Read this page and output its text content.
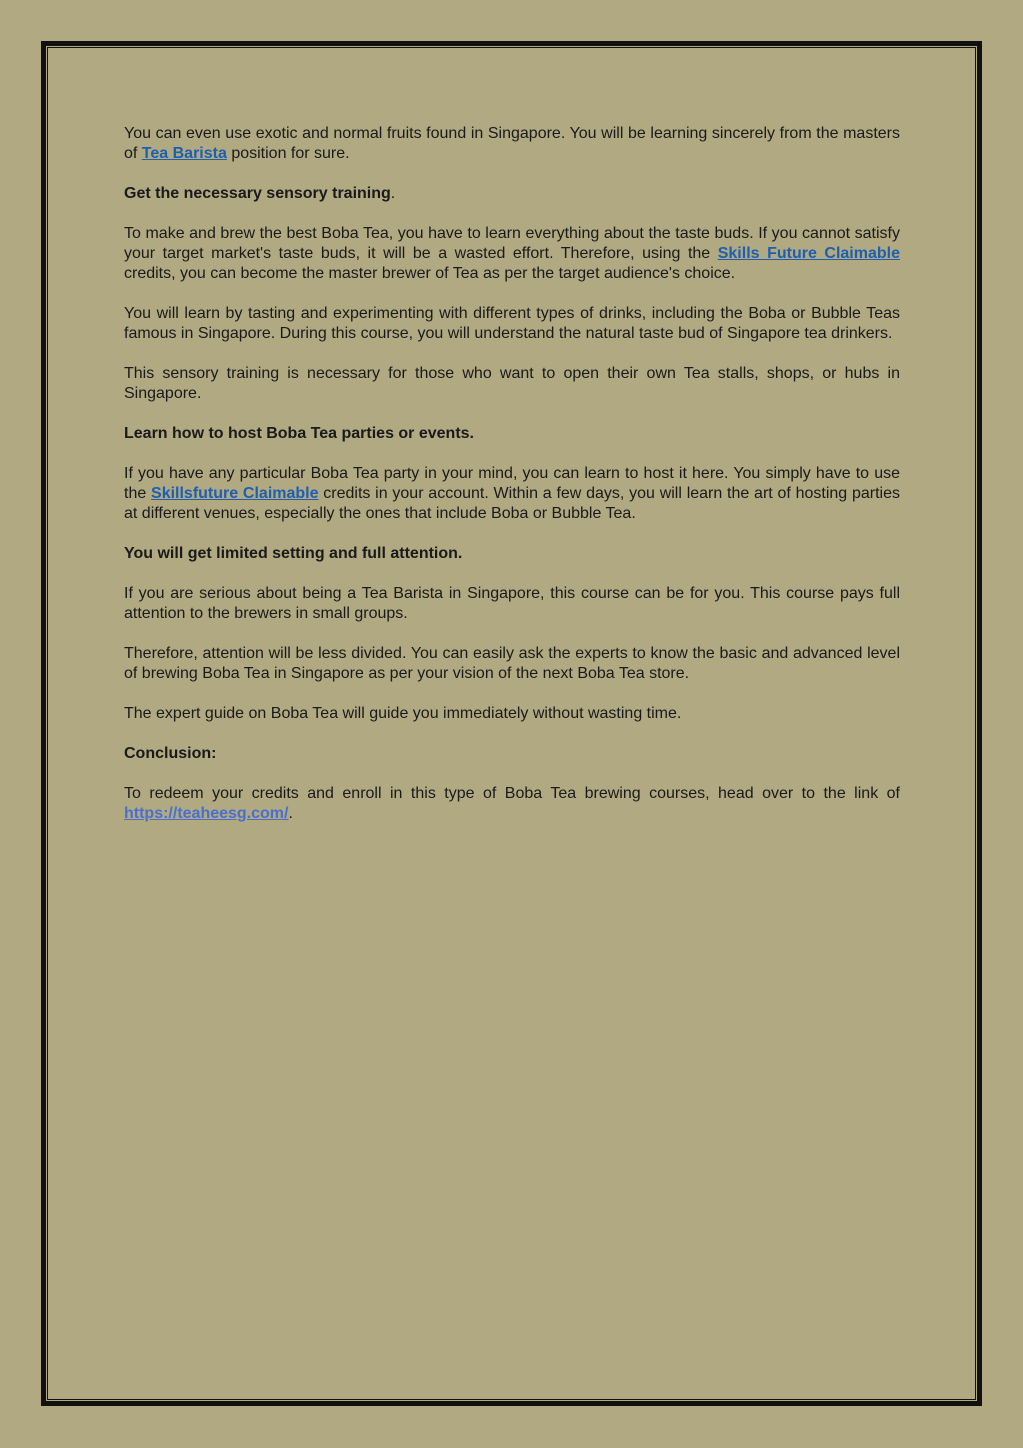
You can even use exotic and normal fruits found in Singapore. You will be learning sincerely from the masters of Tea Barista position for sure.

Get the necessary sensory training.

To make and brew the best Boba Tea, you have to learn everything about the taste buds. If you cannot satisfy your target market's taste buds, it will be a wasted effort. Therefore, using the Skills Future Claimable credits, you can become the master brewer of Tea as per the target audience's choice.

You will learn by tasting and experimenting with different types of drinks, including the Boba or Bubble Teas famous in Singapore. During this course, you will understand the natural taste bud of Singapore tea drinkers.

This sensory training is necessary for those who want to open their own Tea stalls, shops, or hubs in Singapore.

Learn how to host Boba Tea parties or events.

If you have any particular Boba Tea party in your mind, you can learn to host it here. You simply have to use the Skillsfuture Claimable credits in your account. Within a few days, you will learn the art of hosting parties at different venues, especially the ones that include Boba or Bubble Tea.

You will get limited setting and full attention.

If you are serious about being a Tea Barista in Singapore, this course can be for you. This course pays full attention to the brewers in small groups.

Therefore, attention will be less divided. You can easily ask the experts to know the basic and advanced level of brewing Boba Tea in Singapore as per your vision of the next Boba Tea store.

The expert guide on Boba Tea will guide you immediately without wasting time.

Conclusion:

To redeem your credits and enroll in this type of Boba Tea brewing courses, head over to the link of https://teaheesg.com/.
